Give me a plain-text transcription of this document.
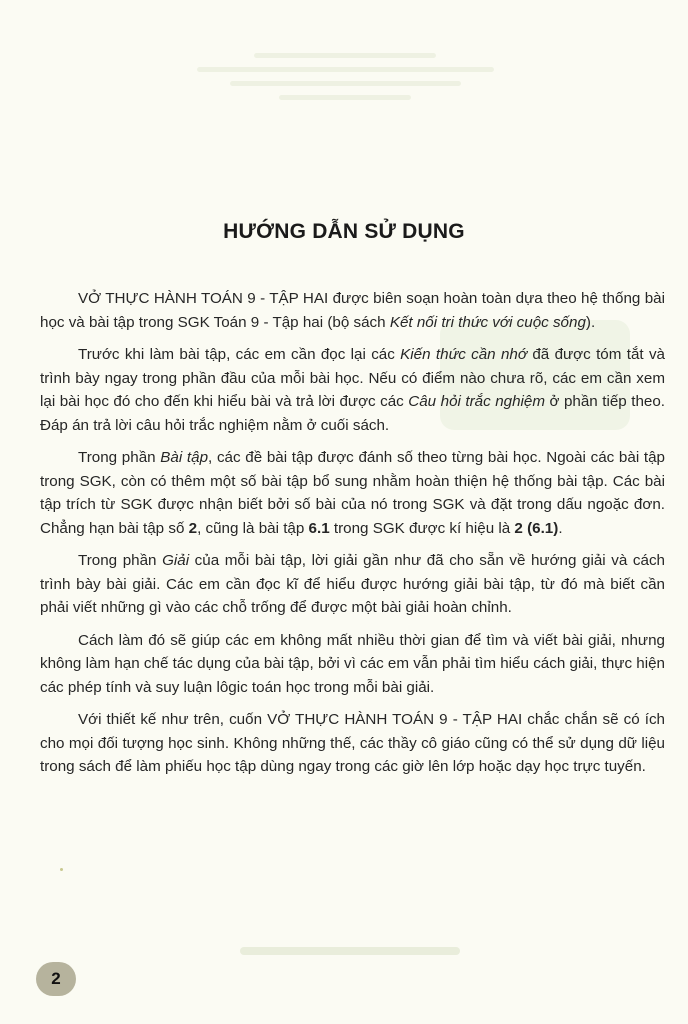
HƯỚNG DẪN SỬ DỤNG

VỞ THỰC HÀNH TOÁN 9 - TẬP HAI được biên soạn hoàn toàn dựa theo hệ thống bài học và bài tập trong SGK Toán 9 - Tập hai (bộ sách Kết nối tri thức với cuộc sống).

Trước khi làm bài tập, các em cần đọc lại các Kiến thức cần nhớ đã được tóm tắt và trình bày ngay trong phần đầu của mỗi bài học. Nếu có điểm nào chưa rõ, các em cần xem lại bài học đó cho đến khi hiểu bài và trả lời được các Câu hỏi trắc nghiệm ở phần tiếp theo. Đáp án trả lời câu hỏi trắc nghiệm nằm ở cuối sách.

Trong phần Bài tập, các đề bài tập được đánh số theo từng bài học. Ngoài các bài tập trong SGK, còn có thêm một số bài tập bổ sung nhằm hoàn thiện hệ thống bài tập. Các bài tập trích từ SGK được nhận biết bởi số bài của nó trong SGK và đặt trong dấu ngoặc đơn. Chẳng hạn bài tập số 2, cũng là bài tập 6.1 trong SGK được kí hiệu là 2 (6.1).

Trong phần Giải của mỗi bài tập, lời giải gần như đã cho sẵn về hướng giải và cách trình bày bài giải. Các em cần đọc kĩ để hiểu được hướng giải bài tập, từ đó mà biết cần phải viết những gì vào các chỗ trống để được một bài giải hoàn chỉnh.

Cách làm đó sẽ giúp các em không mất nhiều thời gian để tìm và viết bài giải, nhưng không làm hạn chế tác dụng của bài tập, bởi vì các em vẫn phải tìm hiểu cách giải, thực hiện các phép tính và suy luận lôgic toán học trong mỗi bài giải.

Với thiết kế như trên, cuốn VỞ THỰC HÀNH TOÁN 9 - TẬP HAI chắc chắn sẽ có ích cho mọi đối tượng học sinh. Không những thế, các thầy cô giáo cũng có thể sử dụng dữ liệu trong sách để làm phiếu học tập dùng ngay trong các giờ lên lớp hoặc dạy học trực tuyến.

2
